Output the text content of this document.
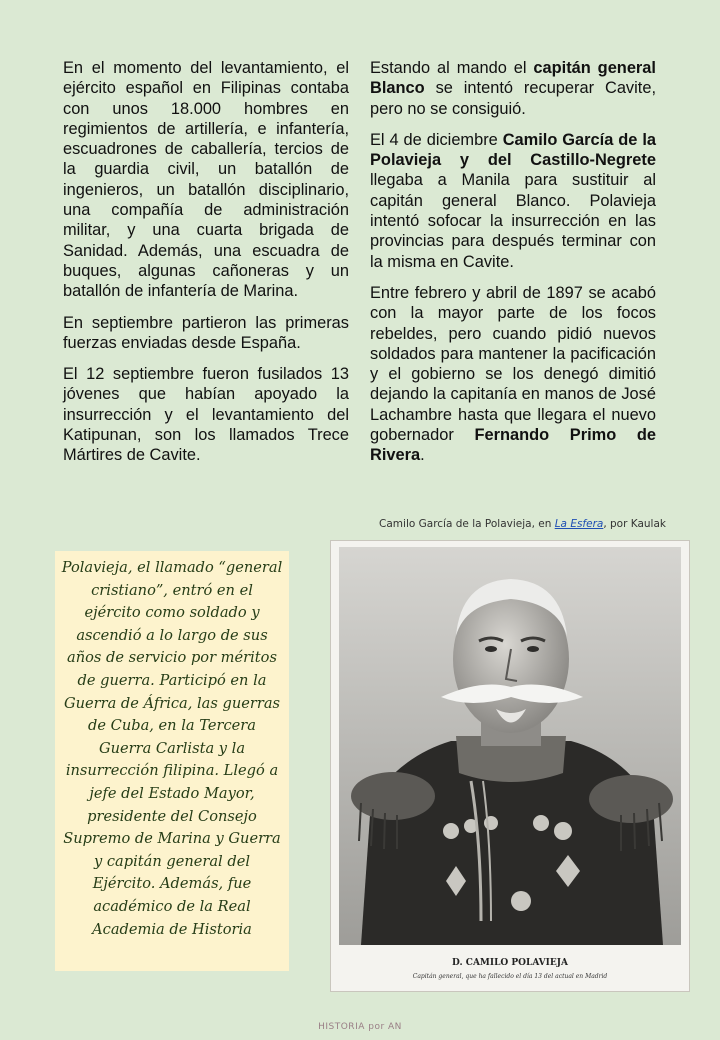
En el momento del levantamiento, el ejército español en Filipinas contaba con unos 18.000 hombres en regimientos de artillería, e infantería, escuadrones de caballería, tercios de la guardia civil, un batallón de ingenieros, un batallón disciplinario, una compañía de administración militar, y una cuarta brigada de Sanidad. Además, una escuadra de buques, algunas cañoneras y un batallón de infantería de Marina.

En septiembre partieron las primeras fuerzas enviadas desde España.

El 12 septiembre fueron fusilados 13 jóvenes que habían apoyado la insurrección y el levantamiento del Katipunan, son los llamados Trece Mártires de Cavite.

Estando al mando el capitán general Blanco se intentó recuperar Cavite, pero no se consiguió.

El 4 de diciembre Camilo García de la Polavieja y del Castillo-Negrete llegaba a Manila para sustituir al capitán general Blanco. Polavieja intentó sofocar la insurrección en las provincias para después terminar con la misma en Cavite.

Entre febrero y abril de 1897 se acabó con la mayor parte de los focos rebeldes, pero cuando pidió nuevos soldados para mantener la pacificación y el gobierno se los denegó dimitió dejando la capitanía en manos de José Lachambre hasta que llegara el nuevo gobernador Fernando Primo de Rivera.

Camilo García de la Polavieja, en La Esfera, por Kaulak
Polavieja, el llamado “general cristiano”, entró en el ejército como soldado y ascendió a lo largo de sus años de servicio por méritos de guerra. Participó en la Guerra de África, las guerras de Cuba, en la Tercera Guerra Carlista y la insurrección filipina. Llegó a jefe del Estado Mayor, presidente del Consejo Supremo de Marina y Guerra y capitán general del Ejército. Además, fue académico de la Real Academia de Historia
D. CAMILO POLAVIEJA
Capitán general, que ha fallecido el día 13 del actual en Madrid
HISTORIA por AN
